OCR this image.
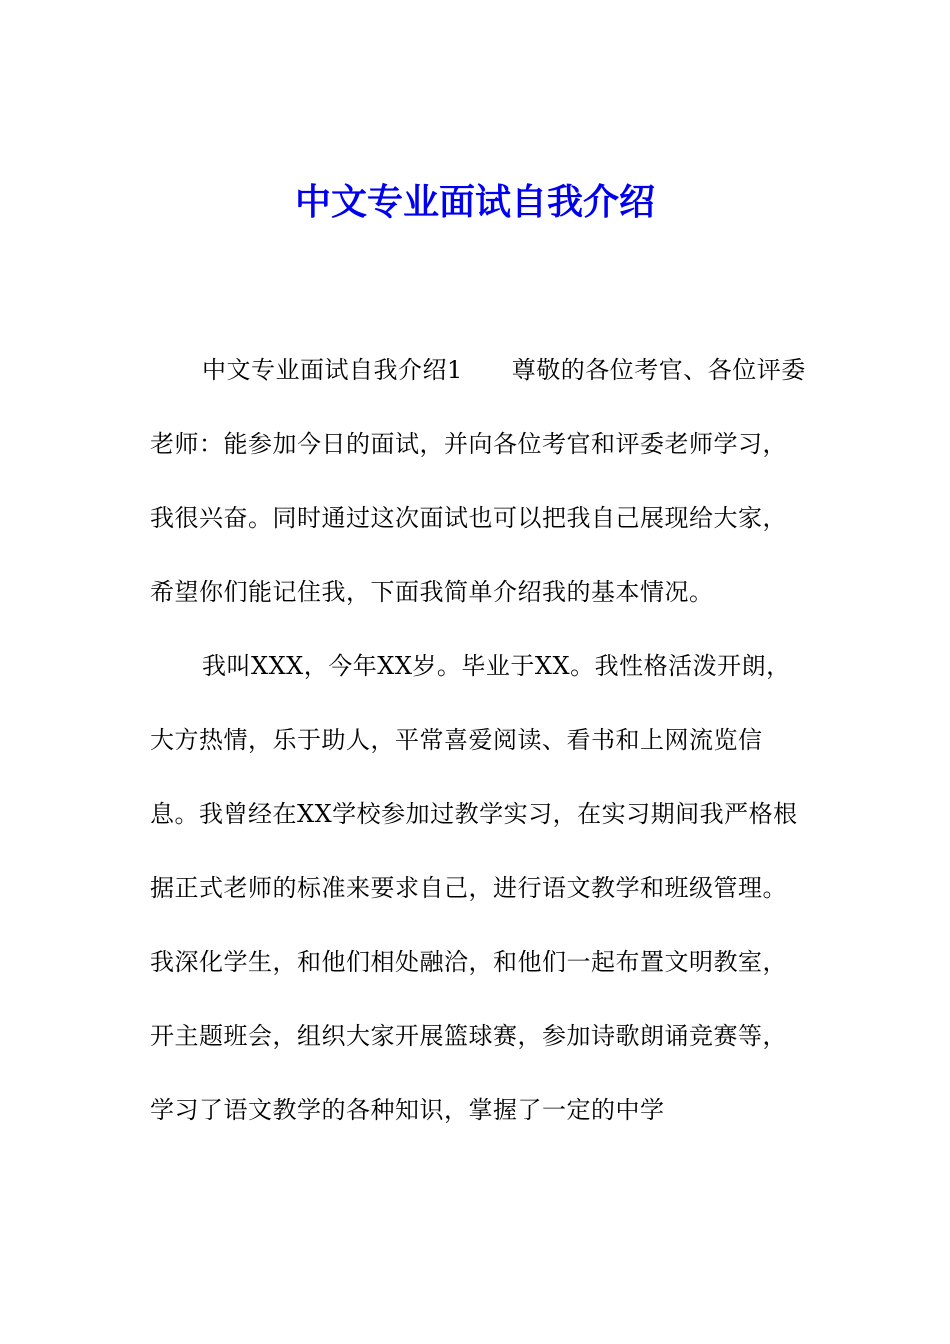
中文专业面试自我介绍

中文专业面试自我介绍1　　尊敬的各位考官、各位评委老师：能参加今日的面试，并向各位考官和评委老师学习，我很兴奋。同时通过这次面试也可以把我自己展现给大家，希望你们能记住我，下面我简单介绍我的基本情况。

我叫XXX，今年XX岁。毕业于XX。我性格活泼开朗，大方热情，乐于助人，平常喜爱阅读、看书和上网流览信息。我曾经在XX学校参加过教学实习，在实习期间我严格根据正式老师的标准来要求自己，进行语文教学和班级管理。我深化学生，和他们相处融洽，和他们一起布置文明教室，开主题班会，组织大家开展篮球赛，参加诗歌朗诵竞赛等，学习了语文教学的各种知识，掌握了一定的中学
